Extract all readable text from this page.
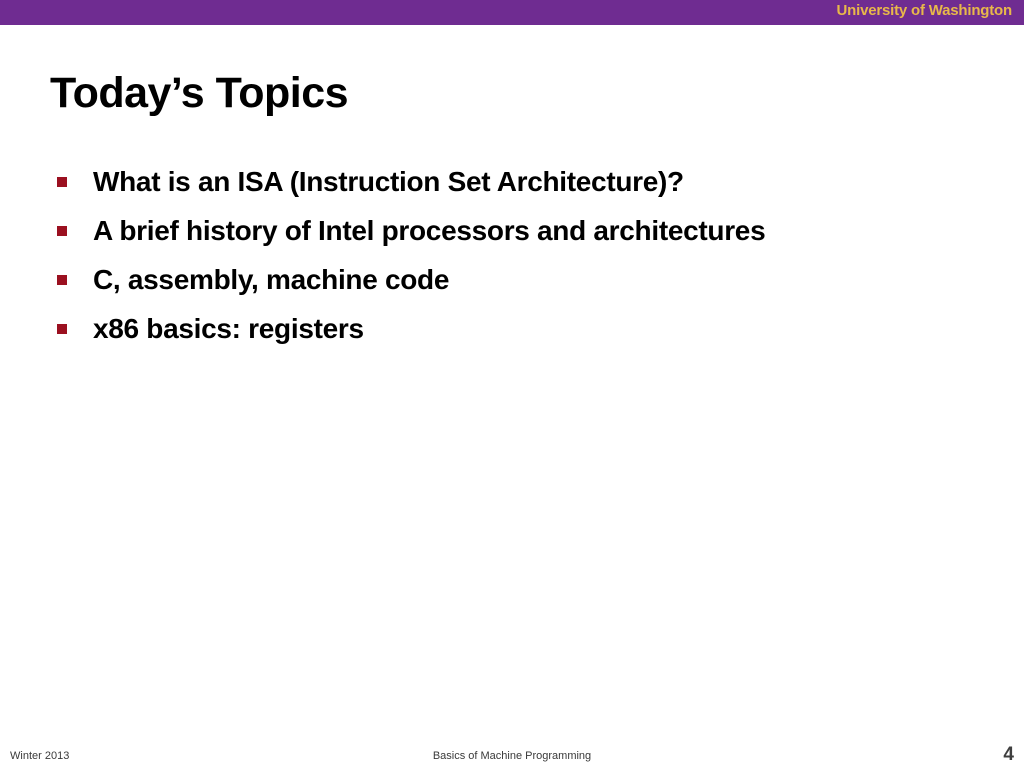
University of Washington
Today’s Topics
What is an ISA (Instruction Set Architecture)?
A brief history of Intel processors and architectures
C, assembly, machine code
x86 basics: registers
Winter 2013	Basics of Machine Programming	4
